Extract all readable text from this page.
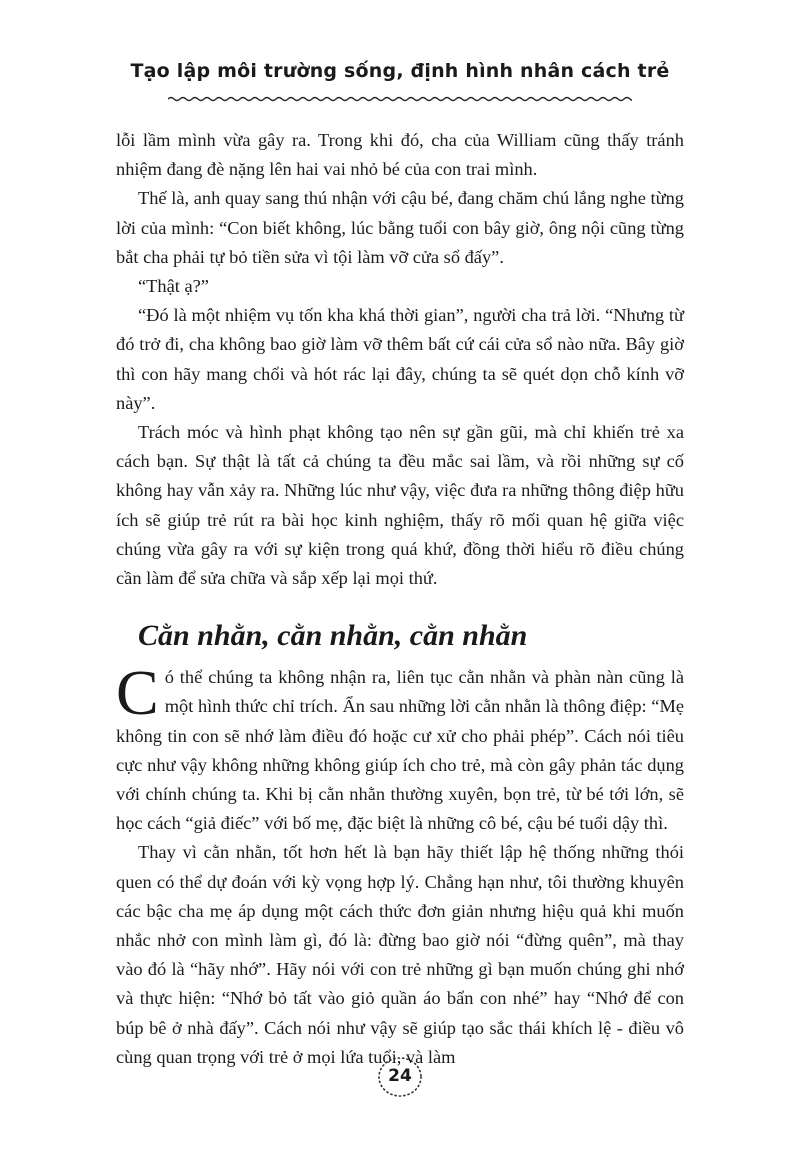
Tạo lập môi trường sống, định hình nhân cách trẻ

lỗi lầm mình vừa gây ra. Trong khi đó, cha của William cũng thấy tránh nhiệm đang đè nặng lên hai vai nhỏ bé của con trai mình.

Thế là, anh quay sang thú nhận với cậu bé, đang chăm chú lắng nghe từng lời của mình: “Con biết không, lúc bằng tuổi con bây giờ, ông nội cũng từng bắt cha phải tự bỏ tiền sửa vì tội làm vỡ cửa sổ đấy”.

“Thật ạ?”

“Đó là một nhiệm vụ tốn kha khá thời gian”, người cha trả lời. “Nhưng từ đó trở đi, cha không bao giờ làm vỡ thêm bất cứ cái cửa sổ nào nữa. Bây giờ thì con hãy mang chổi và hót rác lại đây, chúng ta sẽ quét dọn chỗ kính vỡ này”.

Trách móc và hình phạt không tạo nên sự gần gũi, mà chỉ khiến trẻ xa cách bạn. Sự thật là tất cả chúng ta đều mắc sai lầm, và rồi những sự cố không hay vẫn xảy ra. Những lúc như vậy, việc đưa ra những thông điệp hữu ích sẽ giúp trẻ rút ra bài học kinh nghiệm, thấy rõ mối quan hệ giữa việc chúng vừa gây ra với sự kiện trong quá khứ, đồng thời hiểu rõ điều chúng cần làm để sửa chữa và sắp xếp lại mọi thứ.

Cằn nhằn, cằn nhằn, cằn nhằn

Có thể chúng ta không nhận ra, liên tục cằn nhằn và phàn nàn cũng là một hình thức chỉ trích. Ẩn sau những lời cằn nhằn là thông điệp: “Mẹ không tin con sẽ nhớ làm điều đó hoặc cư xử cho phải phép”. Cách nói tiêu cực như vậy không những không giúp ích cho trẻ, mà còn gây phản tác dụng với chính chúng ta. Khi bị cằn nhằn thường xuyên, bọn trẻ, từ bé tới lớn, sẽ học cách “giả điếc” với bố mẹ, đặc biệt là những cô bé, cậu bé tuổi dậy thì.

Thay vì cằn nhằn, tốt hơn hết là bạn hãy thiết lập hệ thống những thói quen có thể dự đoán với kỳ vọng hợp lý. Chẳng hạn như, tôi thường khuyên các bậc cha mẹ áp dụng một cách thức đơn giản nhưng hiệu quả khi muốn nhắc nhở con mình làm gì, đó là: đừng bao giờ nói “đừng quên”, mà thay vào đó là “hãy nhớ”. Hãy nói với con trẻ những gì bạn muốn chúng ghi nhớ và thực hiện: “Nhớ bỏ tất vào giỏ quần áo bẩn con nhé” hay “Nhớ để con búp bê ở nhà đấy”. Cách nói như vậy sẽ giúp tạo sắc thái khích lệ - điều vô cùng quan trọng với trẻ ở mọi lứa tuổi, và làm

24
